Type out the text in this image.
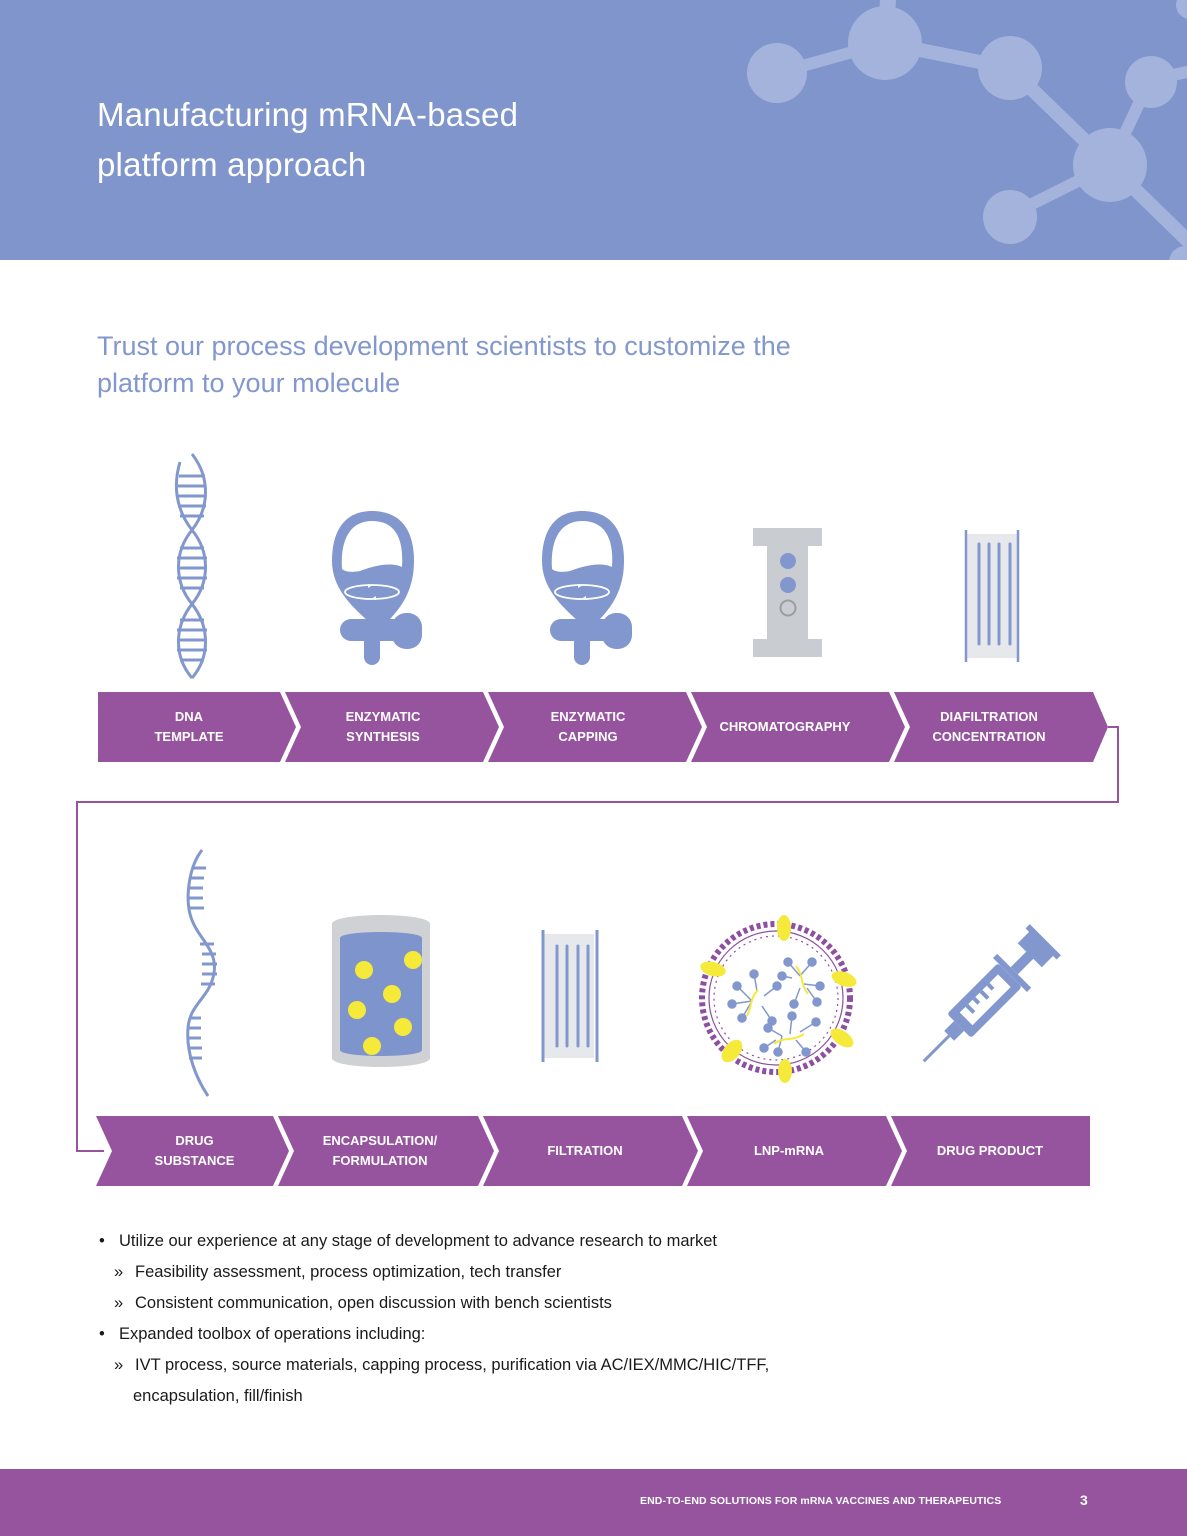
Manufacturing mRNA-based
platform approach
Trust our process development scientists to customize the
platform to your molecule
DNA
TEMPLATE
ENZYMATIC
SYNTHESIS
ENZYMATIC
CAPPING
CHROMATOGRAPHY
DIAFILTRATION
CONCENTRATION
DRUG
SUBSTANCE
ENCAPSULATION/
FORMULATION
FILTRATION	LNP-mRNA	DRUG PRODUCT
• Utilize our experience at any stage of development to advance research to market
» Feasibility assessment, process optimization, tech transfer
» Consistent communication, open discussion with bench scientists
• Expanded toolbox of operations including:
» IVT process, source materials, capping process, purification via AC/IEX/MMC/HIC/TFF,
encapsulation, fill/finish
END-TO-END SOLUTIONS FOR mRNA VACCINES AND THERAPEUTICS	3
